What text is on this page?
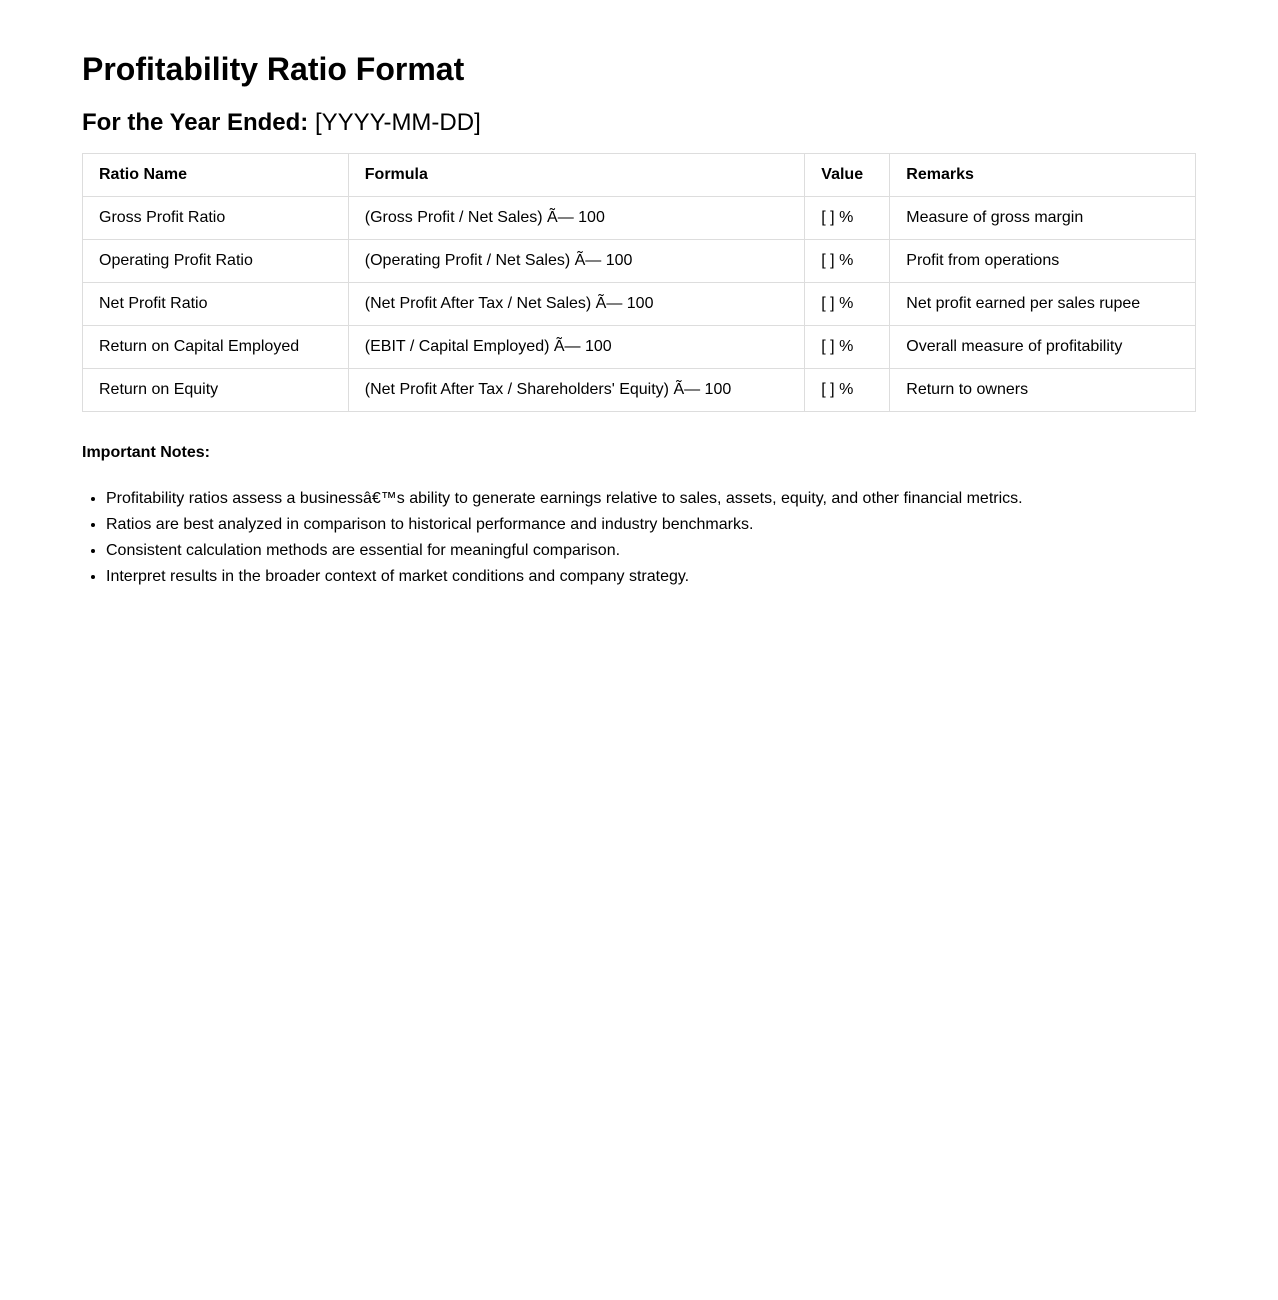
Profitability Ratio Format
For the Year Ended: [YYYY-MM-DD]
Ratio Name	Formula	Value	Remarks
Gross Profit Ratio	(Gross Profit / Net Sales) Ã— 100	[ ] %	Measure of gross margin
Operating Profit Ratio	(Operating Profit / Net Sales) Ã— 100	[ ] %	Profit from operations
Net Profit Ratio	(Net Profit After Tax / Net Sales) Ã— 100	[ ] %	Net profit earned per sales rupee
Return on Capital Employed	(EBIT / Capital Employed) Ã— 100	[ ] %	Overall measure of profitability
Return on Equity	(Net Profit After Tax / Shareholders' Equity) Ã— 100	[ ] %	Return to owners

Important Notes:

• Profitability ratios assess a businessâ€™s ability to generate earnings relative to sales, assets, equity, and other financial metrics.
• Ratios are best analyzed in comparison to historical performance and industry benchmarks.
• Consistent calculation methods are essential for meaningful comparison.
• Interpret results in the broader context of market conditions and company strategy.
